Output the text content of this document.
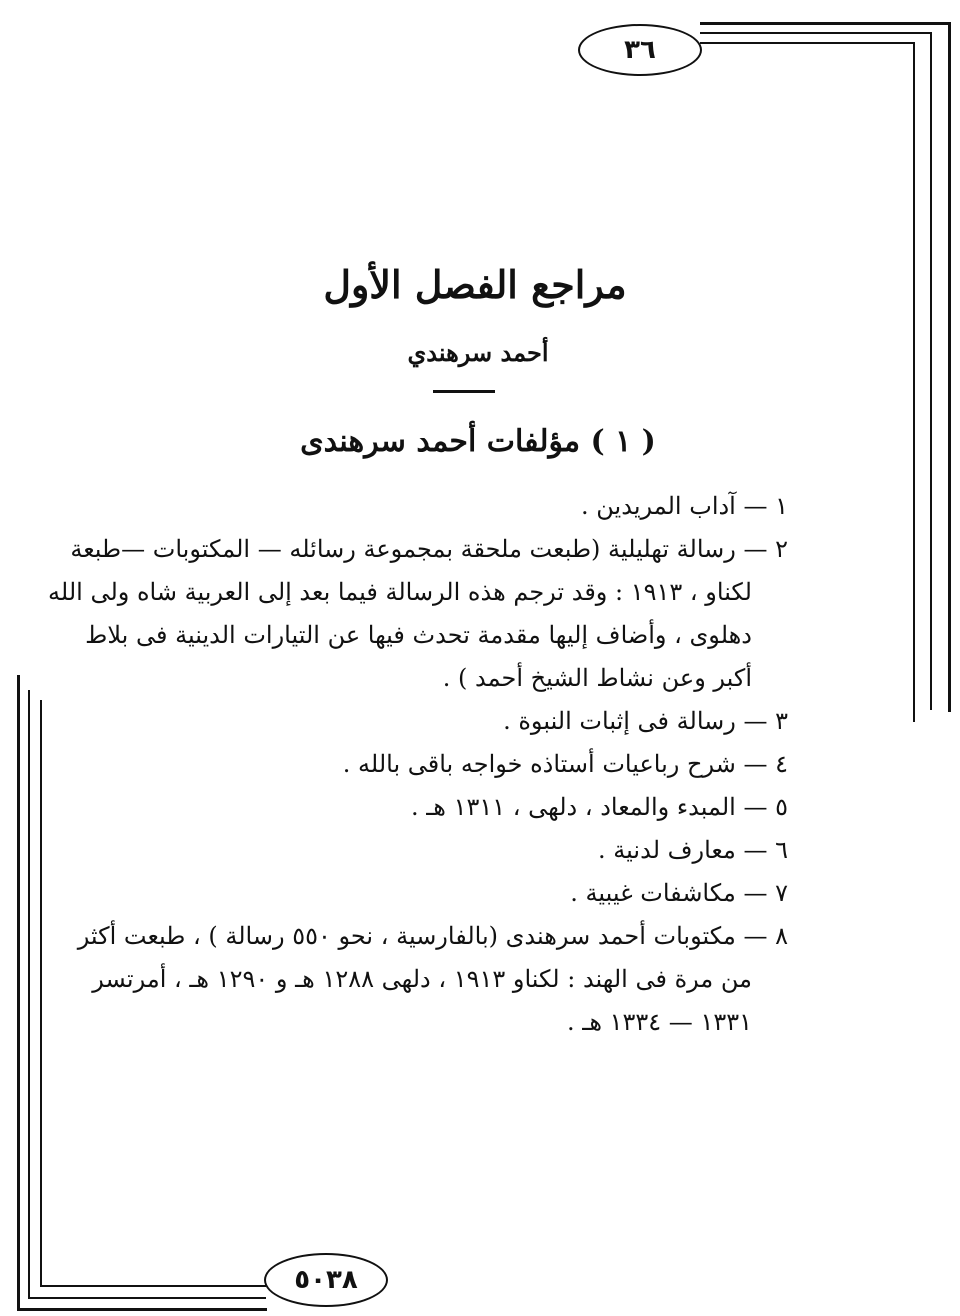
٣٦
٥٠٣٨
مراجع الفصل الأول
أحمد سرهندي
( ١ ) مؤلفات أحمد سرهندى
١ — آداب المريدين .
٢ — رسالة تهليلية (طبعت ملحقة بمجموعة رسائله — المكتوبات —طبعة
لكناو ، ١٩١٣ : وقد ترجم هذه الرسالة فيما بعد إلى العربية شاه ولى الله
دهلوى ، وأضاف إليها مقدمة تحدث فيها عن التيارات الدينية فى بلاط
أكبر وعن نشاط الشيخ أحمد ) .
٣ — رسالة فى إثبات النبوة .
٤ — شرح رباعيات أستاذه خواجه باقى بالله .
٥ — المبدء والمعاد ، دلهى ، ١٣١١ هـ .
٦ — معارف لدنية .
٧ — مكاشفات غيبية .
٨ — مكتوبات أحمد سرهندى (بالفارسية ، نحو ٥٥٠ رسالة ) ، طبعت أكثر
من مرة فى الهند : لكناو ١٩١٣ ، دلهى ١٢٨٨ هـ و ١٢٩٠ هـ ، أمرتسر
١٣٣١ — ١٣٣٤ هـ .
